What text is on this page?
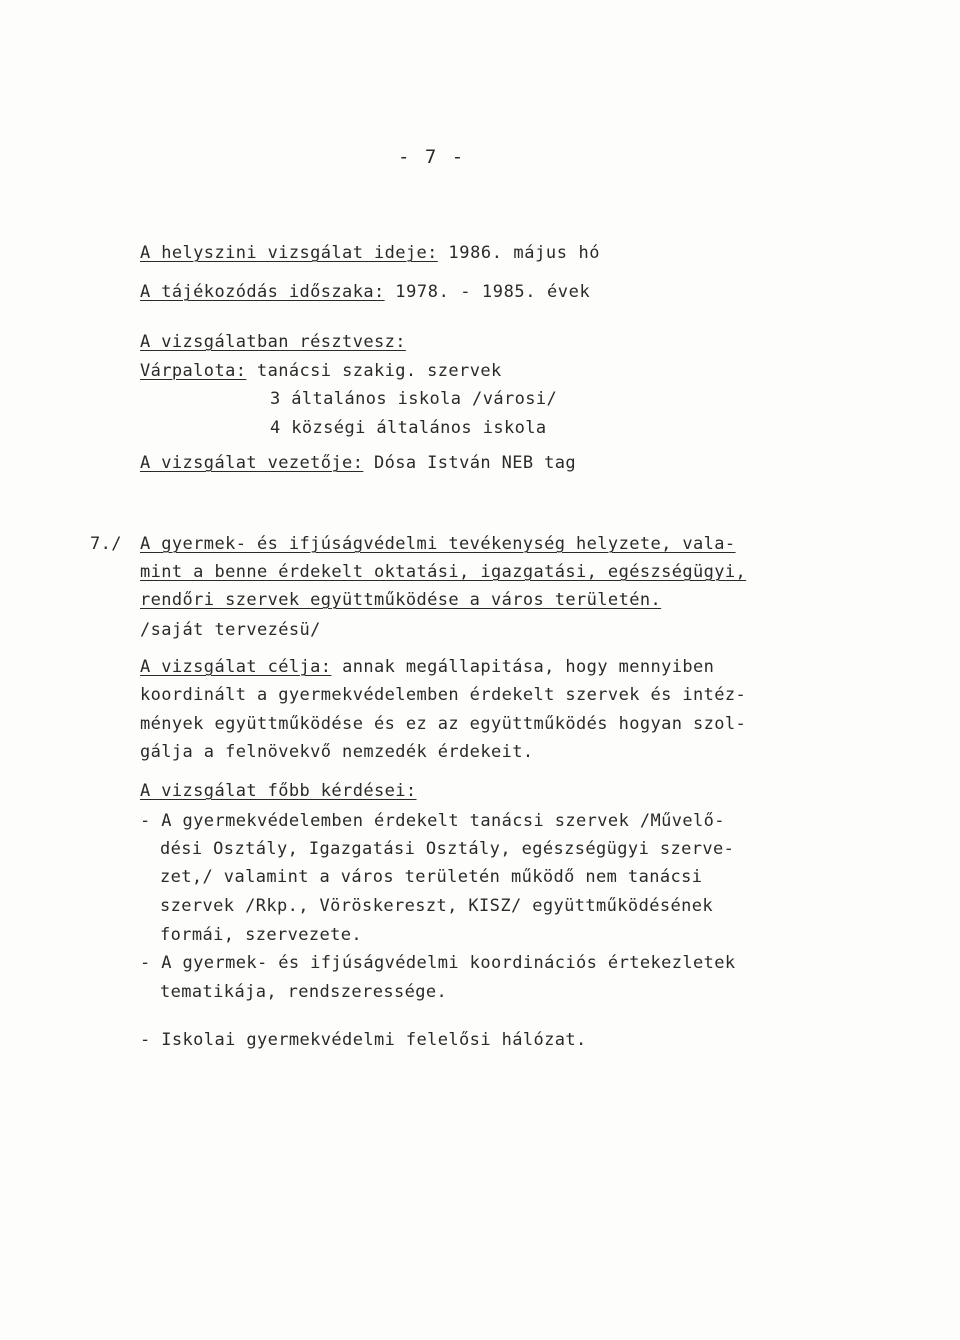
- 7 -
A helyszini vizsgálat ideje: 1986. május hó
A tájékozódás időszaka: 1978. - 1985. évek
A vizsgálatban résztvesz:
Várpalota: tanácsi szakig. szervek
3 általános iskola /városi/
4 községi általános iskola
A vizsgálat vezetője: Dósa István NEB tag
7./ A gyermek- és ifjúságvédelmi tevékenység helyzete, vala-
mint a benne érdekelt oktatási, igazgatási, egészségügyi,
rendőri szervek együttműködése a város területén.
/saját tervezésü/
A vizsgálat célja: annak megállapitása, hogy mennyiben
koordinált a gyermekvédelemben érdekelt szervek és intéz-
mények együttműködése és ez az együttműködés hogyan szol-
gálja a felnövekvő nemzedék érdekeit.
A vizsgálat főbb kérdései:
- A gyermekvédelemben érdekelt tanácsi szervek /Művelő-
dési Osztály, Igazgatási Osztály, egészségügyi szerve-
zet,/ valamint a város területén működő nem tanácsi
szervek /Rkp., Vöröskereszt, KISZ/ együttműködésének
formái, szervezete.
- A gyermek- és ifjúságvédelmi koordinációs értekezletek
tematikája, rendszeressége.
- Iskolai gyermekvédelmi felelősi hálózat.
